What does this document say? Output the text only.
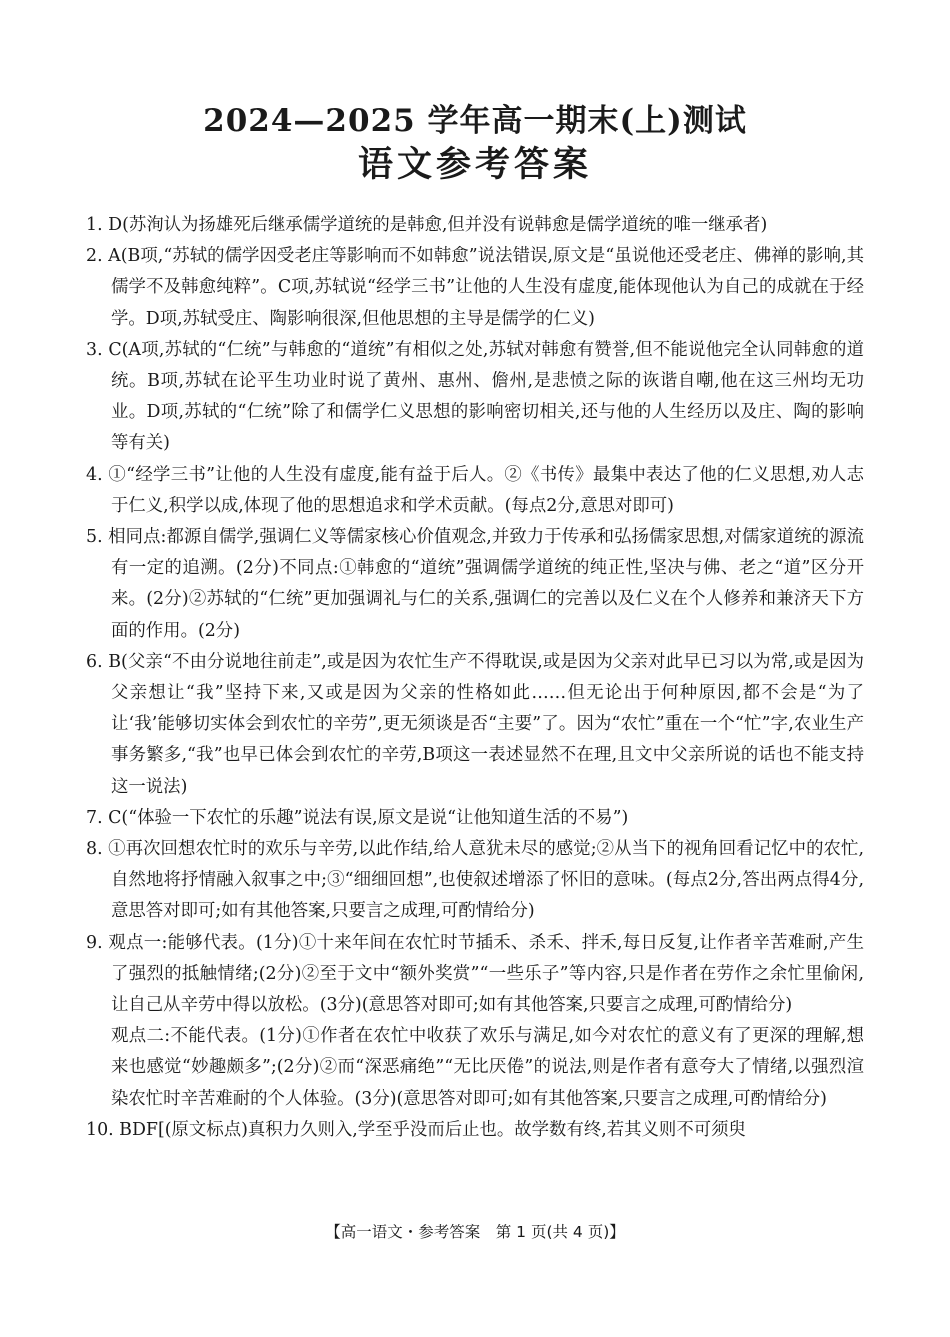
2024—2025 学年高一期末(上)测试
语文参考答案

1. D(苏洵认为扬雄死后继承儒学道统的是韩愈,但并没有说韩愈是儒学道统的唯一继承者)

2. A(B项,“苏轼的儒学因受老庄等影响而不如韩愈”说法错误,原文是“虽说他还受老庄、佛禅的影响,其儒学不及韩愈纯粹”。C项,苏轼说“经学三书”让他的人生没有虚度,能体现他认为自己的成就在于经学。D项,苏轼受庄、陶影响很深,但他思想的主导是儒学的仁义)

3. C(A项,苏轼的“仁统”与韩愈的“道统”有相似之处,苏轼对韩愈有赞誉,但不能说他完全认同韩愈的道统。B项,苏轼在论平生功业时说了黄州、惠州、儋州,是悲愤之际的诙谐自嘲,他在这三州均无功业。D项,苏轼的“仁统”除了和儒学仁义思想的影响密切相关,还与他的人生经历以及庄、陶的影响等有关)

4. ①“经学三书”让他的人生没有虚度,能有益于后人。②《书传》最集中表达了他的仁义思想,劝人志于仁义,积学以成,体现了他的思想追求和学术贡献。(每点2分,意思对即可)

5. 相同点:都源自儒学,强调仁义等儒家核心价值观念,并致力于传承和弘扬儒家思想,对儒家道统的源流有一定的追溯。(2分)不同点:①韩愈的“道统”强调儒学道统的纯正性,坚决与佛、老之“道”区分开来。(2分)②苏轼的“仁统”更加强调礼与仁的关系,强调仁的完善以及仁义在个人修养和兼济天下方面的作用。(2分)

6. B(父亲“不由分说地往前走”,或是因为农忙生产不得耽误,或是因为父亲对此早已习以为常,或是因为父亲想让“我”坚持下来,又或是因为父亲的性格如此……但无论出于何种原因,都不会是“为了让‘我’能够切实体会到农忙的辛劳”,更无须谈是否“主要”了。因为“农忙”重在一个“忙”字,农业生产事务繁多,“我”也早已体会到农忙的辛劳,B项这一表述显然不在理,且文中父亲所说的话也不能支持这一说法)

7. C(“体验一下农忙的乐趣”说法有误,原文是说“让他知道生活的不易”)

8. ①再次回想农忙时的欢乐与辛劳,以此作结,给人意犹未尽的感觉;②从当下的视角回看记忆中的农忙,自然地将抒情融入叙事之中;③“细细回想”,也使叙述增添了怀旧的意味。(每点2分,答出两点得4分,意思答对即可;如有其他答案,只要言之成理,可酌情给分)

9. 观点一:能够代表。(1分)①十来年间在农忙时节插禾、杀禾、拌禾,每日反复,让作者辛苦难耐,产生了强烈的抵触情绪;(2分)②至于文中“额外奖赏”“一些乐子”等内容,只是作者在劳作之余忙里偷闲,让自己从辛劳中得以放松。(3分)(意思答对即可;如有其他答案,只要言之成理,可酌情给分)

观点二:不能代表。(1分)①作者在农忙中收获了欢乐与满足,如今对农忙的意义有了更深的理解,想来也感觉“妙趣颇多”;(2分)②而“深恶痛绝”“无比厌倦”的说法,则是作者有意夸大了情绪,以强烈渲染农忙时辛苦难耐的个人体验。(3分)(意思答对即可;如有其他答案,只要言之成理,可酌情给分)

10. BDF[(原文标点)真积力久则入,学至乎没而后止也。故学数有终,若其义则不可须臾

【高一语文・参考答案　第 1 页(共 4 页)】
